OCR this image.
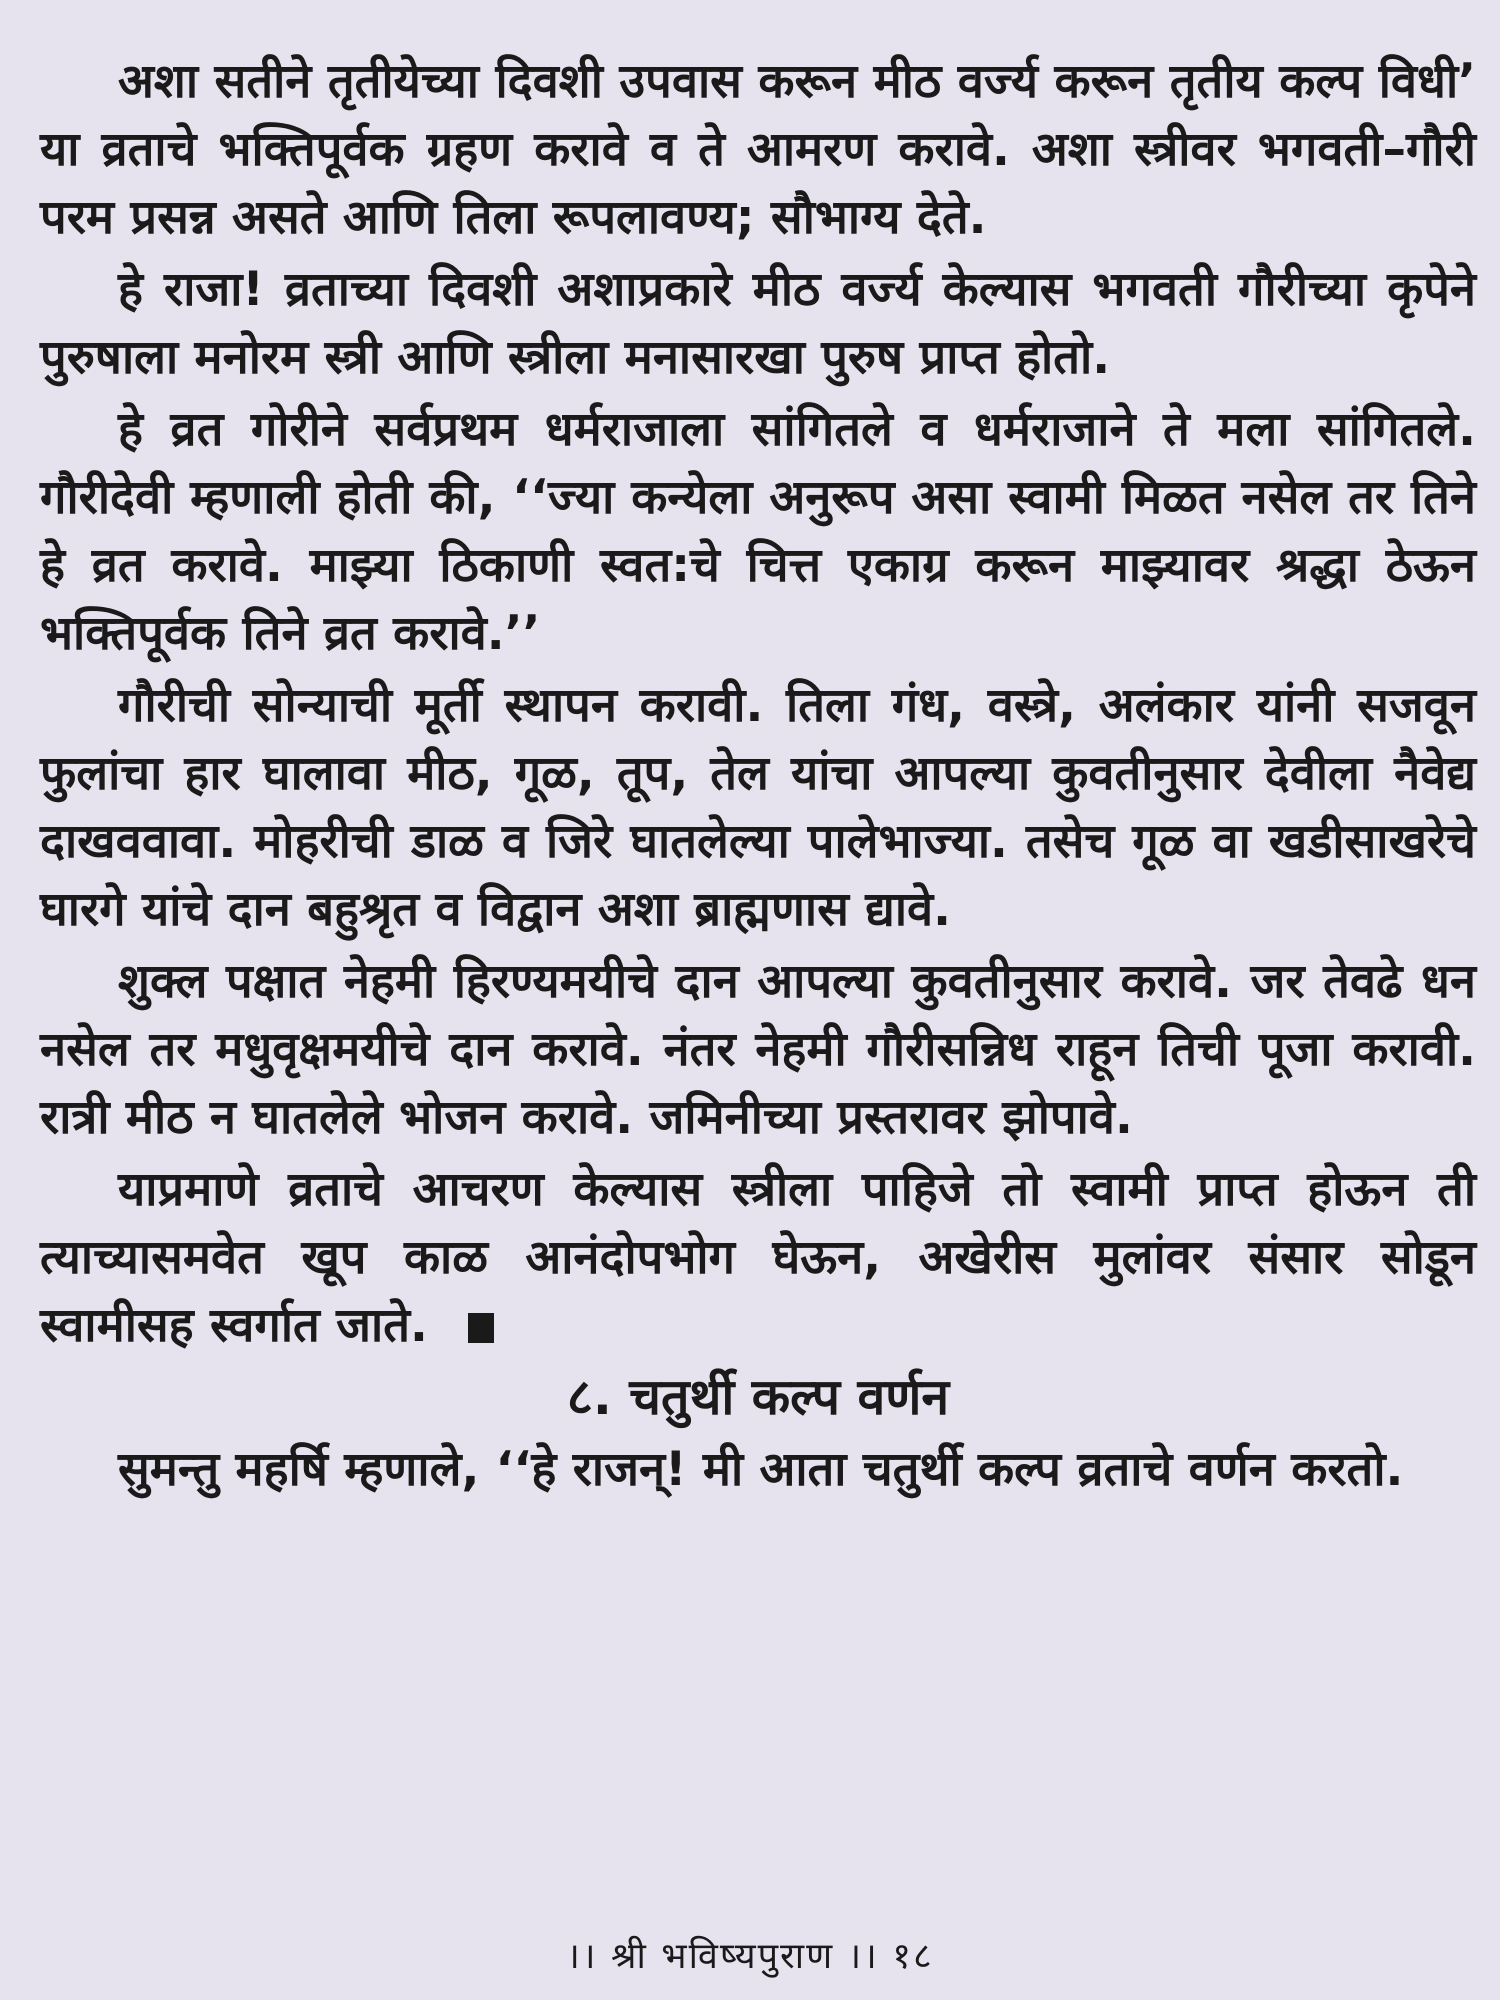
अशा सतीने तृतीयेच्या दिवशी उपवास करून मीठ वर्ज्य करून तृतीय कल्प विधी’ या व्रताचे भक्तिपूर्वक ग्रहण करावे व ते आमरण करावे. अशा स्त्रीवर भगवती–गौरी परम प्रसन्न असते आणि तिला रूपलावण्य; सौभाग्य देते.

हे राजा! व्रताच्या दिवशी अशाप्रकारे मीठ वर्ज्य केल्यास भगवती गौरीच्या कृपेने पुरुषाला मनोरम स्त्री आणि स्त्रीला मनासारखा पुरुष प्राप्त होतो.

हे व्रत गोरीने सर्वप्रथम धर्मराजाला सांगितले व धर्मराजाने ते मला सांगितले. गौरीदेवी म्हणाली होती की, ‘‘ज्या कन्येला अनुरूप असा स्वामी मिळत नसेल तर तिने हे व्रत करावे. माझ्या ठिकाणी स्वत:चे चित्त एकाग्र करून माझ्यावर श्रद्धा ठेऊन भक्तिपूर्वक तिने व्रत करावे.’’

गौरीची सोन्याची मूर्ती स्थापन करावी. तिला गंध, वस्त्रे, अलंकार यांनी सजवून फुलांचा हार घालावा मीठ, गूळ, तूप, तेल यांचा आपल्या कुवतीनुसार देवीला नैवेद्य दाखववावा. मोहरीची डाळ व जिरे घातलेल्या पालेभाज्या. तसेच गूळ वा खडीसाखरेचे घारगे यांचे दान बहुश्रृत व विद्वान अशा ब्राह्मणास द्यावे.

शुक्ल पक्षात नेहमी हिरण्यमयीचे दान आपल्या कुवतीनुसार करावे. जर तेवढे धन नसेल तर मधुवृक्षमयीचे दान करावे. नंतर नेहमी गौरीसन्निध राहून तिची पूजा करावी. रात्री मीठ न घातलेले भोजन करावे. जमिनीच्या प्रस्तरावर झोपावे.

याप्रमाणे व्रताचे आचरण केल्यास स्त्रीला पाहिजे तो स्वामी प्राप्त होऊन ती त्याच्यासमवेत खूप काळ आनंदोपभोग घेऊन, अखेरीस मुलांवर संसार सोडून स्वामीसह स्वर्गात जाते.

८. चतुर्थी कल्प वर्णन

सुमन्तु महर्षि म्हणाले, ‘‘हे राजन्! मी आता चतुर्थी कल्प व्रताचे वर्णन करतो.

।। श्री भविष्यपुराण ।। १८
